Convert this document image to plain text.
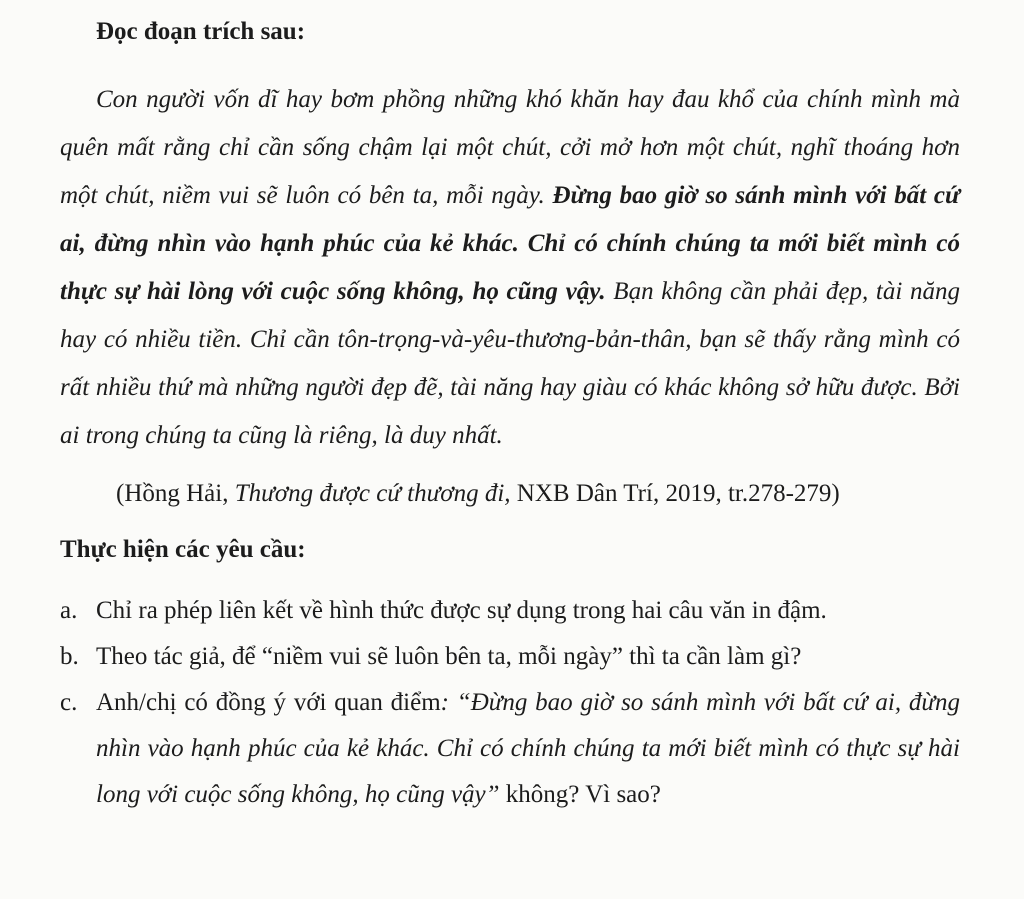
Đọc đoạn trích sau:

Con người vốn dĩ hay bơm phồng những khó khăn hay đau khổ của chính mình mà quên mất rằng chỉ cần sống chậm lại một chút, cởi mở hơn một chút, nghĩ thoáng hơn một chút, niềm vui sẽ luôn có bên ta, mỗi ngày. Đừng bao giờ so sánh mình với bất cứ ai, đừng nhìn vào hạnh phúc của kẻ khác. Chỉ có chính chúng ta mới biết mình có thực sự hài lòng với cuộc sống không, họ cũng vậy. Bạn không cần phải đẹp, tài năng hay có nhiều tiền. Chỉ cần tôn-trọng-và-yêu-thương-bản-thân, bạn sẽ thấy rằng mình có rất nhiều thứ mà những người đẹp đẽ, tài năng hay giàu có khác không sở hữu được. Bởi ai trong chúng ta cũng là riêng, là duy nhất.

(Hồng Hải, Thương được cứ thương đi, NXB Dân Trí, 2019, tr.278-279)
Thực hiện các yêu cầu:
a. Chỉ ra phép liên kết về hình thức được sự dụng trong hai câu văn in đậm.
b. Theo tác giả, để “niềm vui sẽ luôn bên ta, mỗi ngày” thì ta cần làm gì?
c. Anh/chị có đồng ý với quan điểm: “Đừng bao giờ so sánh mình với bất cứ ai, đừng nhìn vào hạnh phúc của kẻ khác. Chỉ có chính chúng ta mới biết mình có thực sự hài long với cuộc sống không, họ cũng vậy” không? Vì sao?
